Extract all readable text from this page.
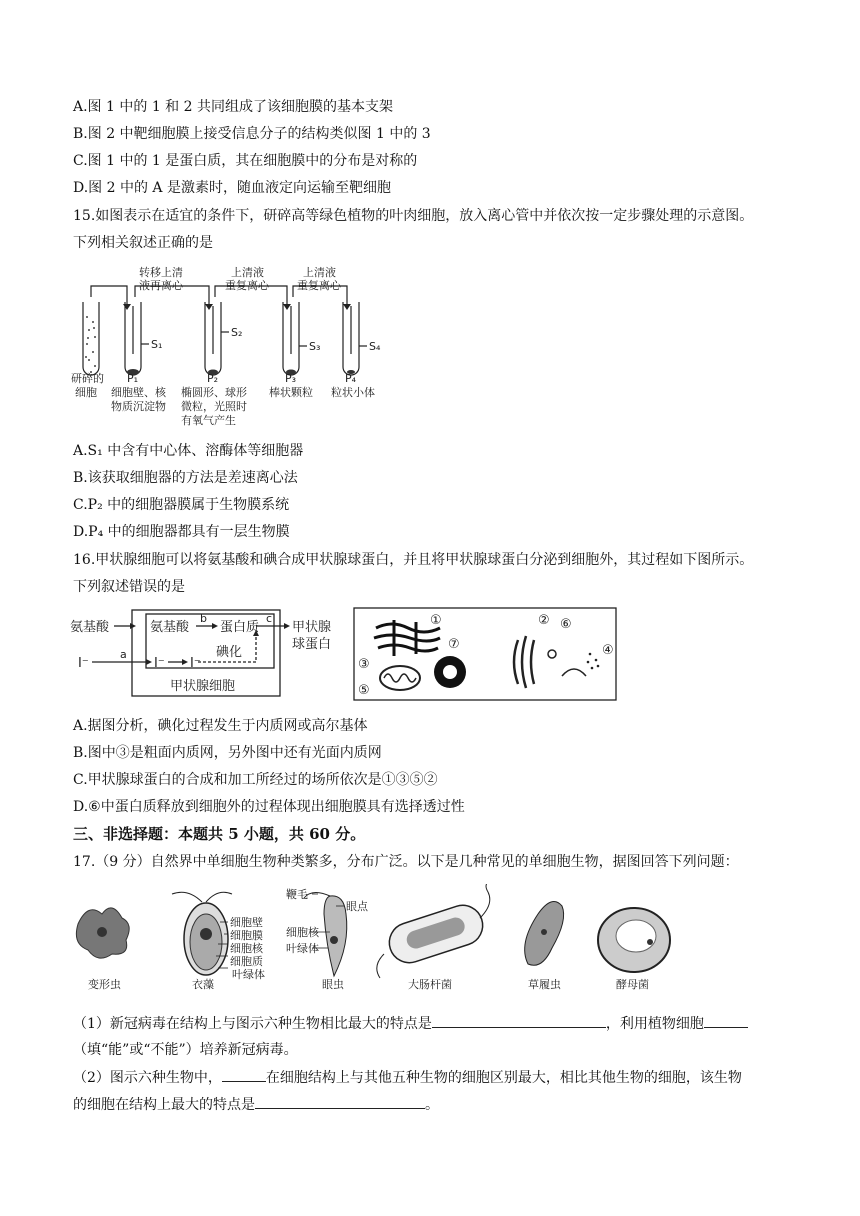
A.图 1 中的 1 和 2 共同组成了该细胞膜的基本支架
B.图 2 中靶细胞膜上接受信息分子的结构类似图 1 中的 3
C.图 1 中的 1 是蛋白质，其在细胞膜中的分布是对称的
D.图 2 中的 A 是激素时，随血液定向运输至靶细胞
15.如图表示在适宜的条件下，研碎高等绿色植物的叶肉细胞，放入离心管中并依次按一定步骤处理的示意图。
下列相关叙述正确的是
转移上清
液再离心
上清液
重复离心
上清液
重复离心
S₁
S₂
S₃	S₄
研碎的
细胞
P₁
细胞壁、核
物质沉淀物
P₂
椭圆形、球形
微粒，光照时
有氧气产生
P₃
棒状颗粒
P₄
粒状小体
A.S₁ 中含有中心体、溶酶体等细胞器
B.该获取细胞器的方法是差速离心法
C.P₂ 中的细胞器膜属于生物膜系统
D.P₄ 中的细胞器都具有一层生物膜
16.甲状腺细胞可以将氨基酸和碘合成甲状腺球蛋白，并且将甲状腺球蛋白分泌到细胞外，其过程如下图所示。
下列叙述错误的是
氨基酸	氨基酸
b
蛋白质
c
甲状腺
球蛋白
碘化
I⁻
a
I⁻ I⁻
甲状腺细胞
①	②
③
④
⑤
⑥
⑦
A.据图分析，碘化过程发生于内质网或高尔基体
B.图中③是粗面内质网，另外图中还有光面内质网
C.甲状腺球蛋白的合成和加工所经过的场所依次是①③⑤②
D.⑥中蛋白质释放到细胞外的过程体现出细胞膜具有选择透过性
三、非选择题：本题共 5 小题，共 60 分。
17.（9 分）自然界中单细胞生物种类繁多，分布广泛。以下是几种常见的单细胞生物，据图回答下列问题：
变形虫	衣藻
细胞壁
细胞膜
细胞核
细胞质
叶绿体
眼虫
鞭毛
眼点
细胞核
叶绿体
大肠杆菌	草履虫	酵母菌
（1）新冠病毒在结构上与图示六种生物相比最大的特点是	，利用植物细胞
（填“能”或“不能”）培养新冠病毒。
（2）图示六种生物中，	在细胞结构上与其他五种生物的细胞区别最大，相比其他生物的细胞，该生物
的细胞在结构上最大的特点是	。
